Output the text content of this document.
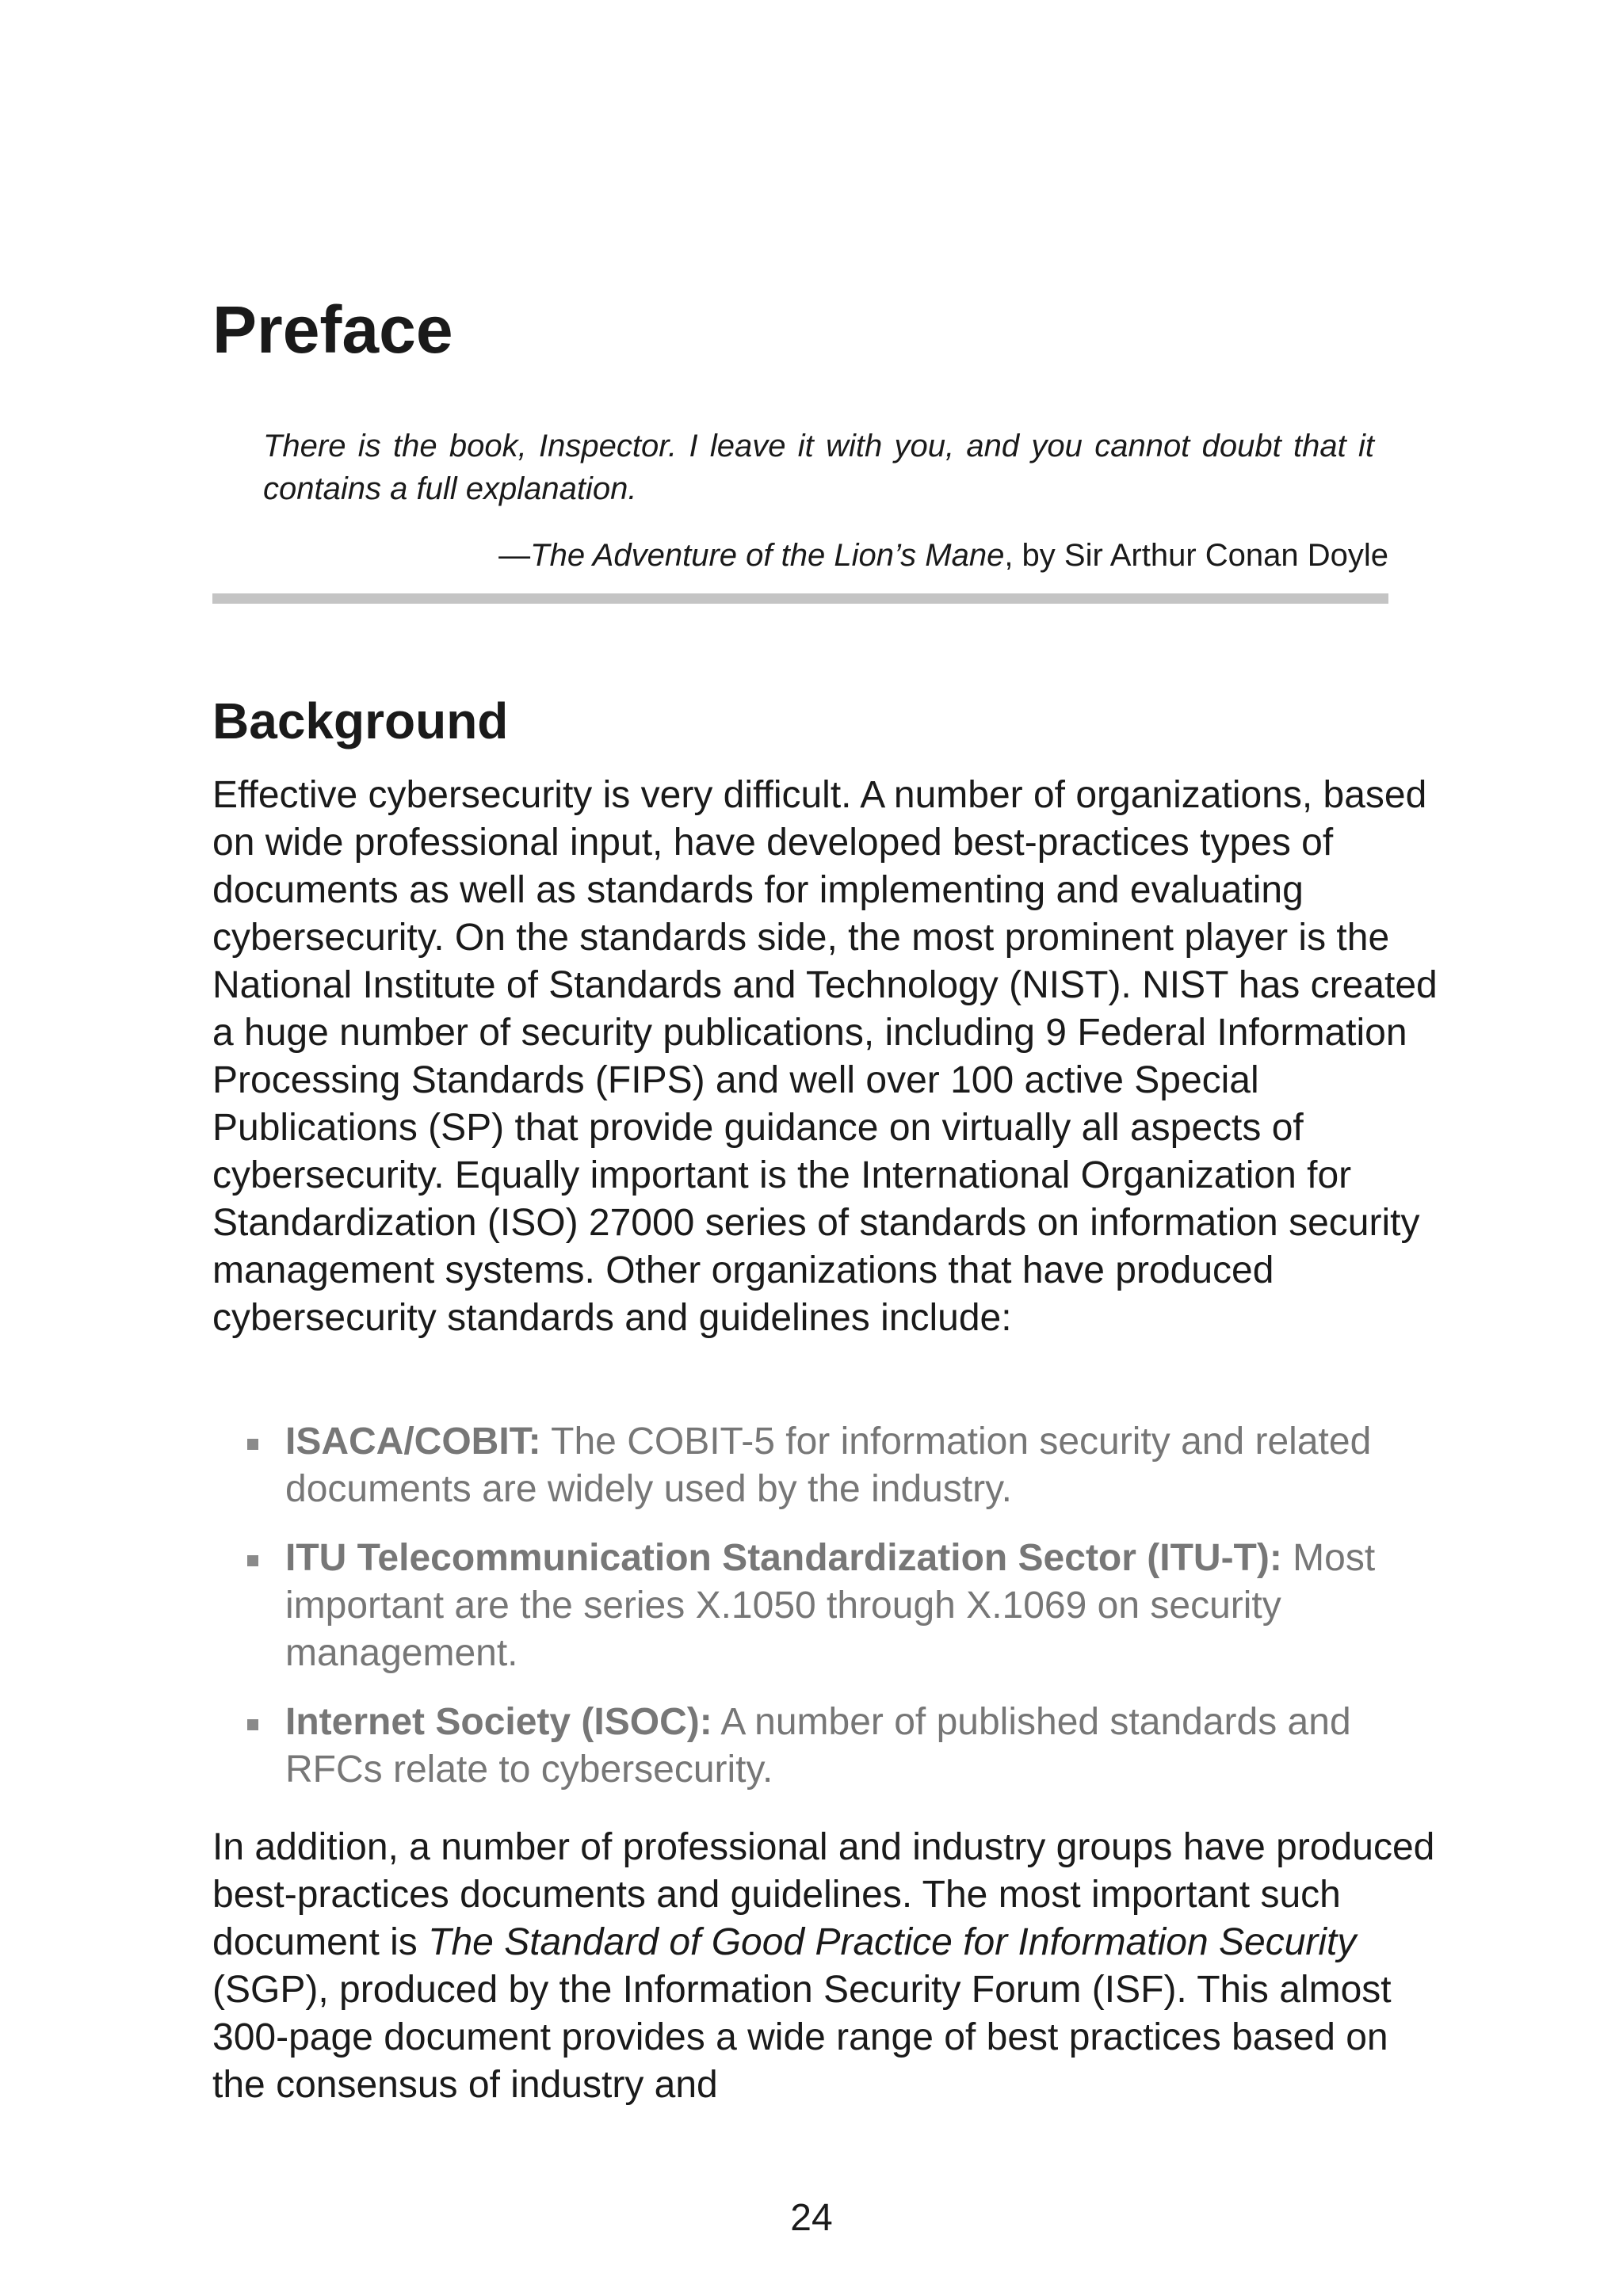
Preface

There is the book, Inspector. I leave it with you, and you cannot doubt that it contains a full explanation.

—The Adventure of the Lion’s Mane, by Sir Arthur Conan Doyle

Background

Effective cybersecurity is very difficult. A number of organizations, based on wide professional input, have developed best-practices types of documents as well as standards for implementing and evaluating cybersecurity. On the standards side, the most prominent player is the National Institute of Standards and Technology (NIST). NIST has created a huge number of security publications, including 9 Federal Information Processing Standards (FIPS) and well over 100 active Special Publications (SP) that provide guidance on virtually all aspects of cybersecurity. Equally important is the International Organization for Standardization (ISO) 27000 series of standards on information security management systems. Other organizations that have produced cybersecurity standards and guidelines include:

ISACA/COBIT: The COBIT-5 for information security and related documents are widely used by the industry.
ITU Telecommunication Standardization Sector (ITU-T): Most important are the series X.1050 through X.1069 on security management.
Internet Society (ISOC): A number of published standards and RFCs relate to cybersecurity.

In addition, a number of professional and industry groups have produced best-practices documents and guidelines. The most important such document is The Standard of Good Practice for Information Security (SGP), produced by the Information Security Forum (ISF). This almost 300-page document provides a wide range of best practices based on the consensus of industry and

24
